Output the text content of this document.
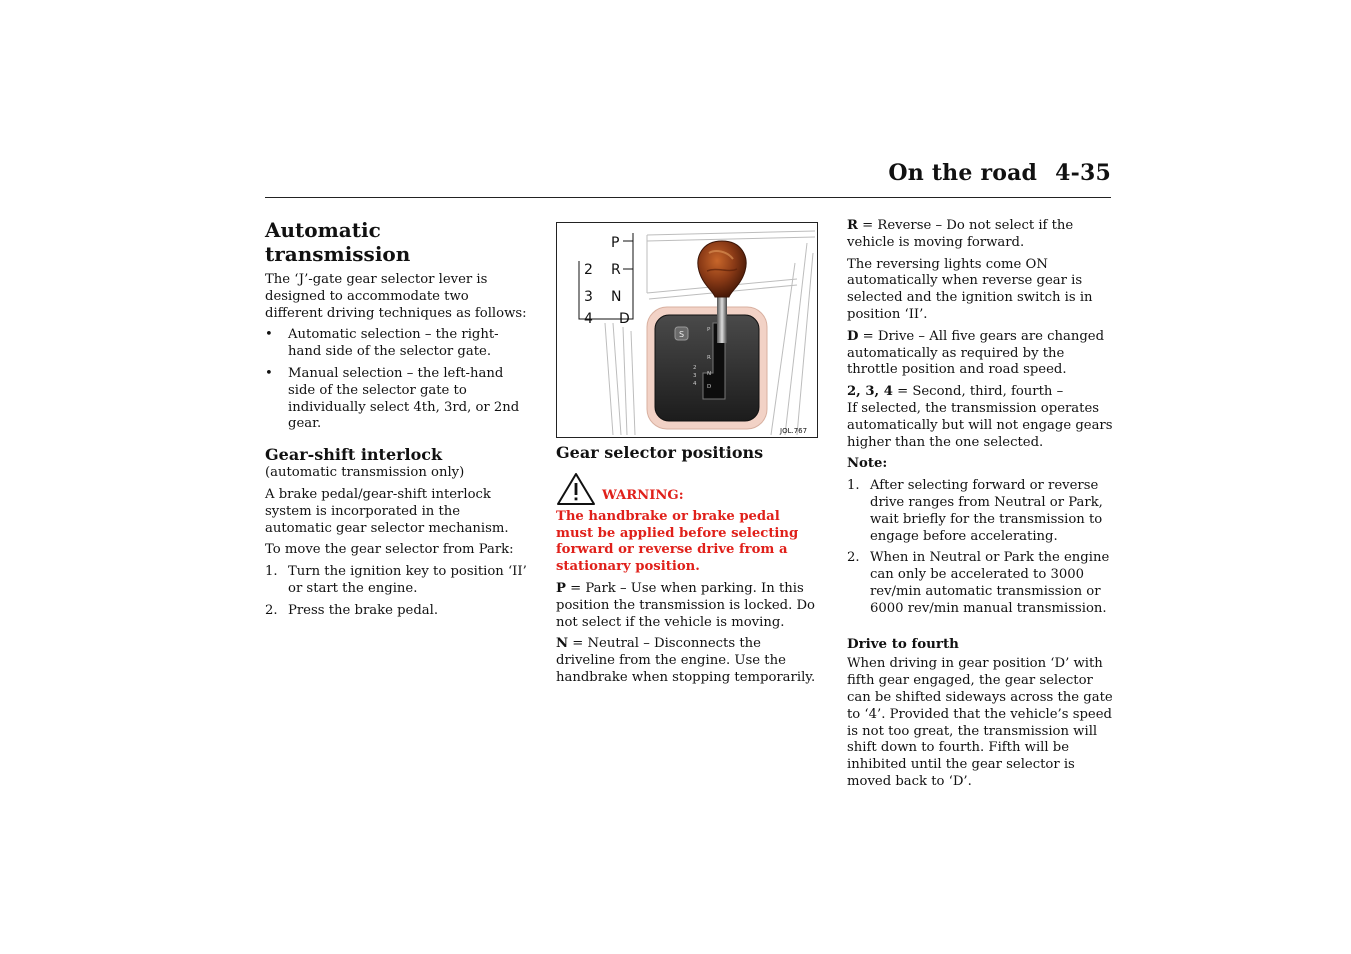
On the road 4-35
Automatic transmission

The ‘J’-gate gear selector lever is designed to accommodate two different driving techniques as follows:

• Automatic selection – the right-hand side of the selector gate.
• Manual selection – the left-hand side of the selector gate to individually select 4th, 3rd, or 2nd gear.
Gear-shift interlock

(automatic transmission only)

A brake pedal/gear-shift interlock system is incorporated in the automatic gear selector mechanism.

To move the gear selector from Park:

1. Turn the ignition key to position ‘II’ or start the engine.
2. Press the brake pedal.
S	P
R
N
D
2
3
4
P
R
N
D
2
3
4
JOL.767
Gear selector positions
WARNING:

The handbrake or brake pedal must be applied before selecting forward or reverse drive from a stationary position.

P = Park – Use when parking. In this position the transmission is locked. Do not select if the vehicle is moving.

N = Neutral – Disconnects the driveline from the engine. Use the handbrake when stopping temporarily.

R = Reverse – Do not select if the vehicle is moving forward.

The reversing lights come ON automatically when reverse gear is selected and the ignition switch is in position ‘II’.

D = Drive – All five gears are changed automatically as required by the throttle position and road speed.

2, 3, 4 = Second, third, fourth –
If selected, the transmission operates automatically but will not engage gears higher than the one selected.

Note:

1. After selecting forward or reverse drive ranges from Neutral or Park, wait briefly for the transmission to engage before accelerating.
2. When in Neutral or Park the engine can only be accelerated to 3000 rev/min automatic transmission or 6000 rev/min manual transmission.
Drive to fourth

When driving in gear position ‘D’ with fifth gear engaged, the gear selector can be shifted sideways across the gate to ‘4’. Provided that the vehicle’s speed is not too great, the transmission will shift down to fourth. Fifth will be inhibited until the gear selector is moved back to ‘D’.
